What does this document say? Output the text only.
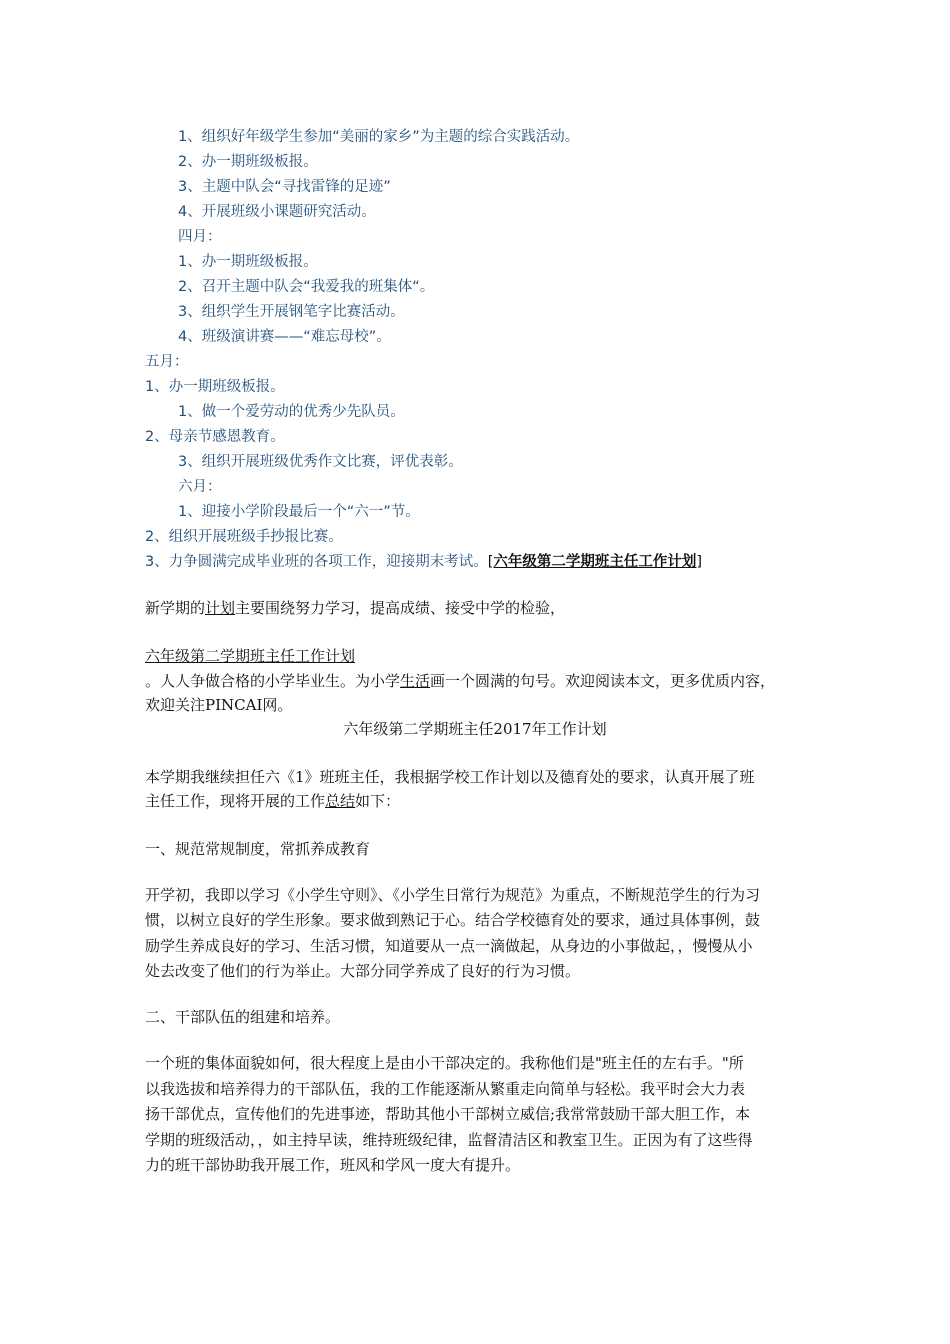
1、组织好年级学生参加“美丽的家乡”为主题的综合实践活动。
2、办一期班级板报。
3、主题中队会“寻找雷锋的足迹”
4、开展班级小课题研究活动。
四月：
1、办一期班级板报。
2、召开主题中队会“我爱我的班集体“。
3、组织学生开展钢笔字比赛活动。
4、班级演讲赛——“难忘母校”。
五月：
1、办一期班级板报。
1、做一个爱劳动的优秀少先队员。
2、母亲节感恩教育。
3、组织开展班级优秀作文比赛，评优表彰。
六月：
1、迎接小学阶段最后一个“六一”节。
2、组织开展班级手抄报比赛。
3、力争圆满完成毕业班的各项工作，迎接期末考试。[六年级第二学期班主任工作计划]
新学期的计划主要围绕努力学习，提高成绩、接受中学的检验，
六年级第二学期班主任工作计划
。人人争做合格的小学毕业生。为小学生活画一个圆满的句号。欢迎阅读本文，更多优质内容，
欢迎关注PINCAI网。
六年级第二学期班主任2017年工作计划
本学期我继续担任六《1》班班主任，我根据学校工作计划以及德育处的要求，认真开展了班
主任工作，现将开展的工作总结如下：
一、规范常规制度，常抓养成教育
开学初，我即以学习《小学生守则》、《小学生日常行为规范》为重点，不断规范学生的行为习
惯，以树立良好的学生形象。要求做到熟记于心。结合学校德育处的要求，通过具体事例，鼓
励学生养成良好的学习、生活习惯，知道要从一点一滴做起，从身边的小事做起，，慢慢从小
处去改变了他们的行为举止。大部分同学养成了良好的行为习惯。
二、干部队伍的组建和培养。
一个班的集体面貌如何，很大程度上是由小干部决定的。我称他们是"班主任的左右手。"所
以我选拔和培养得力的干部队伍，我的工作能逐渐从繁重走向简单与轻松。我平时会大力表
扬干部优点，宣传他们的先进事迹，帮助其他小干部树立威信;我常常鼓励干部大胆工作，本
学期的班级活动，，如主持早读，维持班级纪律，监督清洁区和教室卫生。正因为有了这些得
力的班干部协助我开展工作，班风和学风一度大有提升。
